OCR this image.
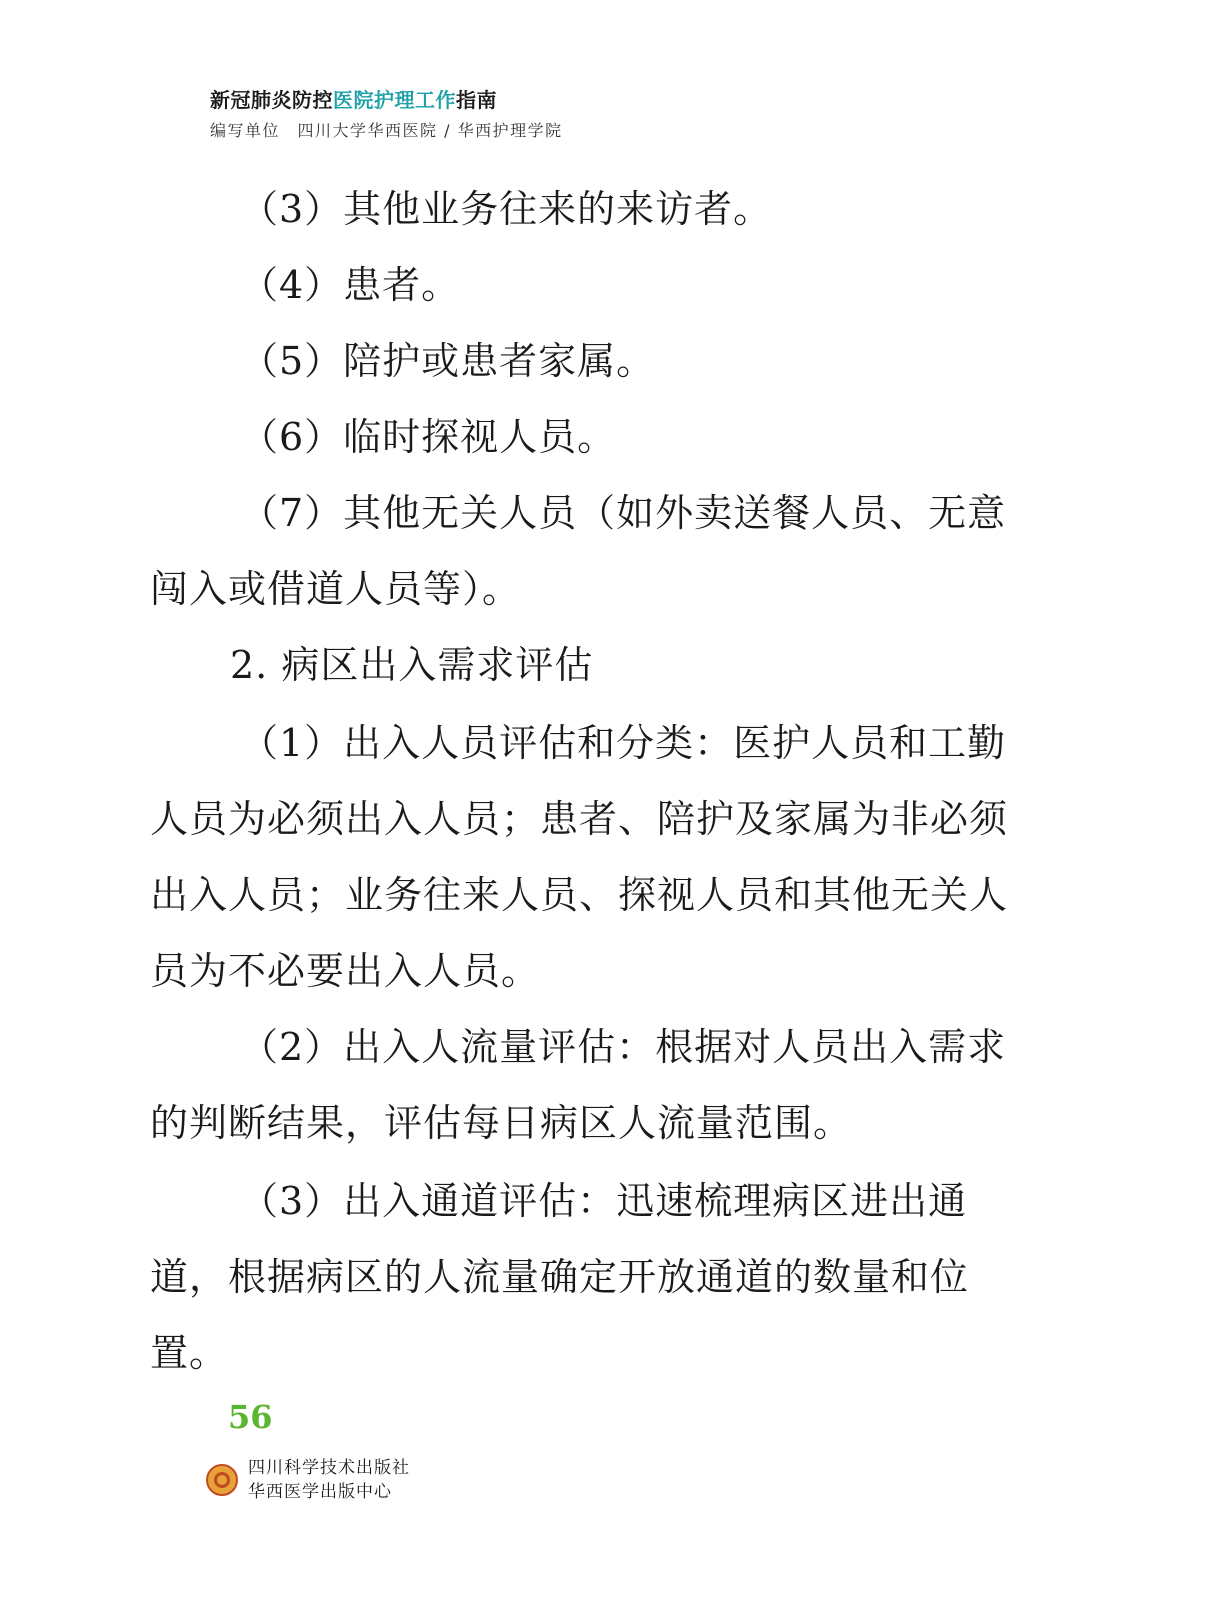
新冠肺炎防控医院护理工作指南
编写单位　四川大学华西医院 / 华西护理学院
（3）其他业务往来的来访者。
（4）患者。
（5）陪护或患者家属。
（6）临时探视人员。
（7）其他无关人员（如外卖送餐人员、无意
闯入或借道人员等）。
2. 病区出入需求评估
（1）出入人员评估和分类：医护人员和工勤
人员为必须出入人员；患者、陪护及家属为非必须
出入人员；业务往来人员、探视人员和其他无关人
员为不必要出入人员。
（2）出入人流量评估：根据对人员出入需求
的判断结果，评估每日病区人流量范围。
（3）出入通道评估：迅速梳理病区进出通
道，根据病区的人流量确定开放通道的数量和位
置。
56
四川科学技术出版社
华西医学出版中心
